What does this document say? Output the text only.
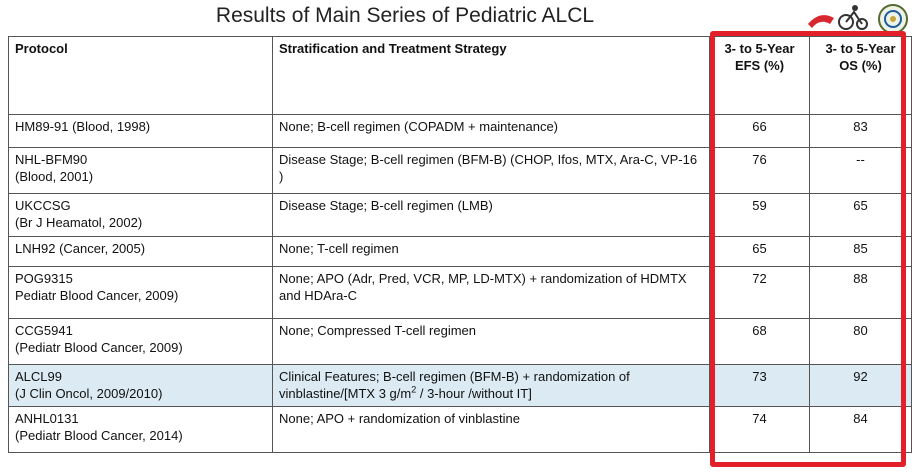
Results of Main Series of Pediatric ALCL
Protocol	Stratification and Treatment Strategy	3- to 5-Year EFS (%)	3- to 5-Year OS (%)
HM89-91 (Blood, 1998)	None; B-cell regimen (COPADM + maintenance)	66	83

NHL-BFM90
(Blood, 2001)	Disease Stage; B-cell regimen (BFM-B) (CHOP, Ifos, MTX, Ara-C, VP-16 )	76	--

UKCCSG
(Br J Heamatol, 2002)	Disease Stage; B-cell regimen (LMB)	59	65
LNH92 (Cancer, 2005)	None; T-cell regimen	65	85

POG9315
Pediatr Blood Cancer, 2009)	None; APO (Adr, Pred, VCR, MP, LD-MTX) + randomization of HDMTX and HDAra-C	72	88

CCG5941
(Pediatr Blood Cancer, 2009)	None; Compressed T-cell regimen	68	80

ALCL99
(J Clin Oncol, 2009/2010)	Clinical Features; B-cell regimen (BFM-B) + randomization of vinblastine/[MTX 3 $g/m^2$ / 3-hour /without IT]	73	92

ANHL0131
(Pediatr Blood Cancer, 2014)	None; APO + randomization of vinblastine	74	84
